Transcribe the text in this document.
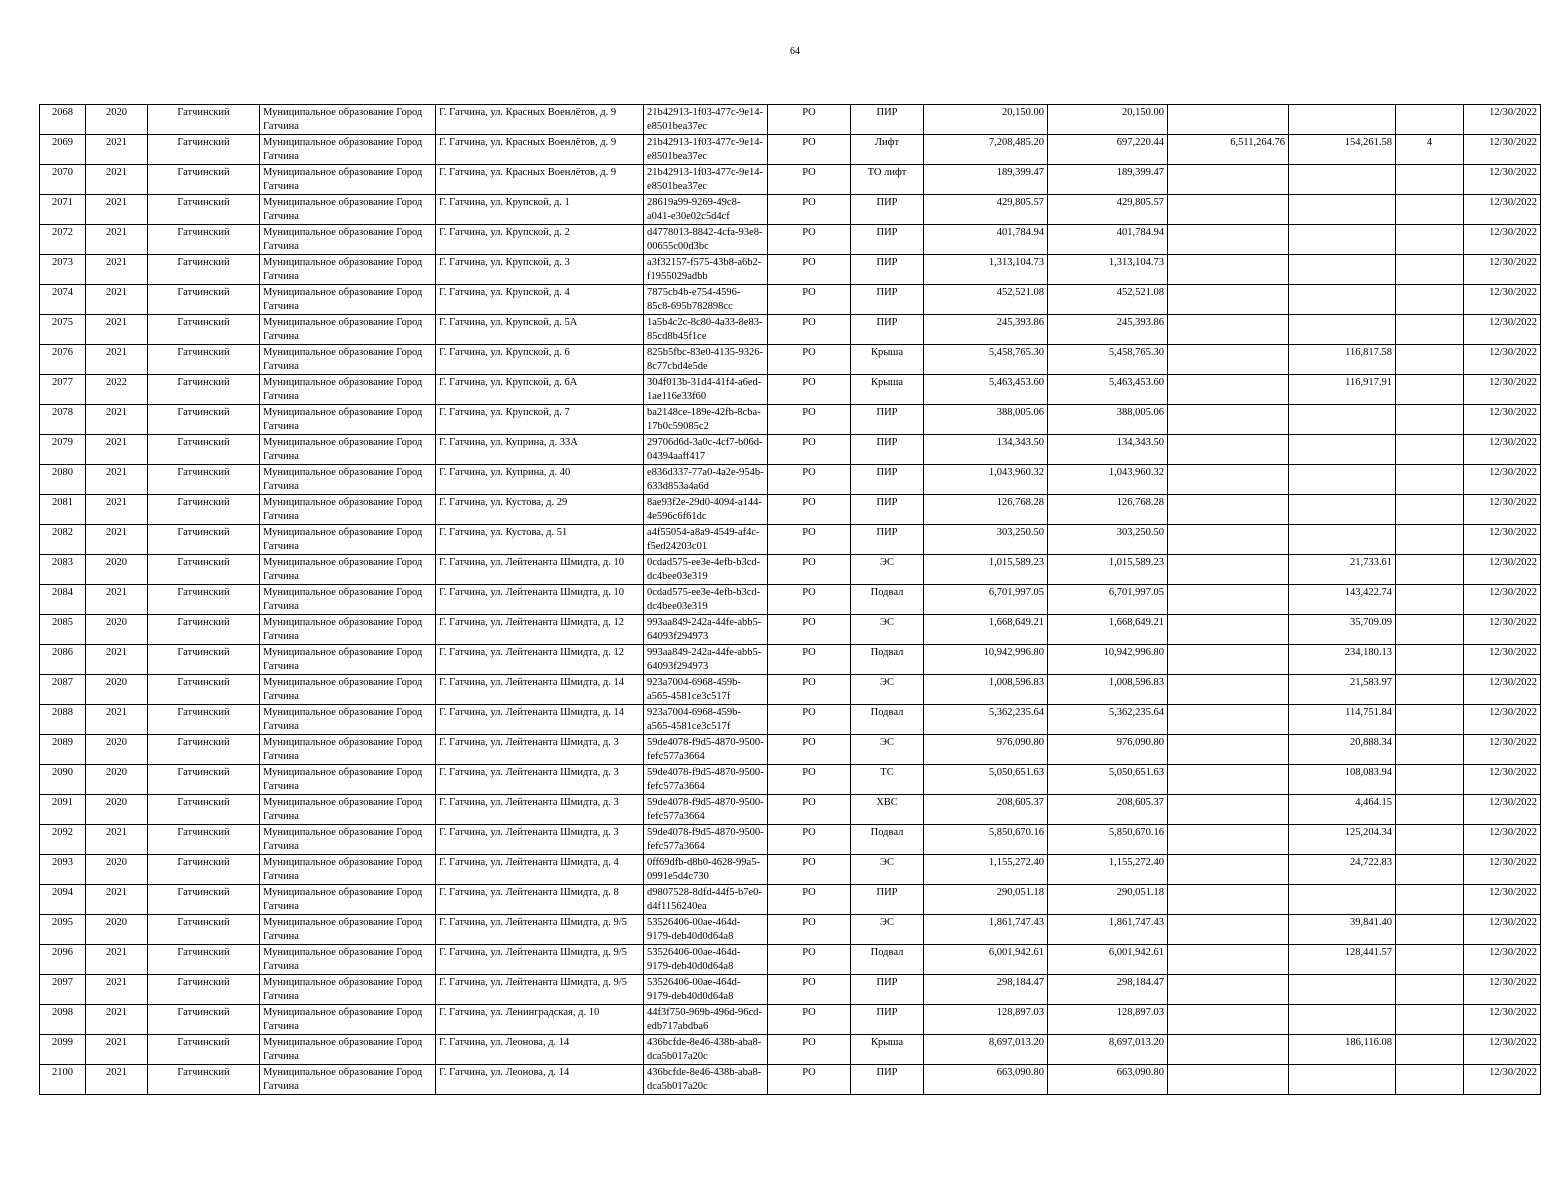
64
2068	2020	Гатчинский	Муниципальное образование Город Гатчина	Г. Гатчина, ул. Красных Военлётов, д. 9	21b42913-1f03-477c-9e14-e8501bea37ec	РО	ПИР	20,150.00	20,150.00				12/30/2022
2069	2021	Гатчинский	Муниципальное образование Город Гатчина	Г. Гатчина, ул. Красных Военлётов, д. 9	21b42913-1f03-477c-9e14-e8501bea37ec	РО	Лифт	7,208,485.20	697,220.44	6,511,264.76	154,261.58	4	12/30/2022
2070	2021	Гатчинский	Муниципальное образование Город Гатчина	Г. Гатчина, ул. Красных Военлётов, д. 9	21b42913-1f03-477c-9e14-e8501bea37ec	РО	ТО лифт	189,399.47	189,399.47				12/30/2022
2071	2021	Гатчинский	Муниципальное образование Город Гатчина	Г. Гатчина, ул. Крупской, д. 1	28619a99-9269-49c8-a041-e30e02c5d4cf	РО	ПИР	429,805.57	429,805.57				12/30/2022
2072	2021	Гатчинский	Муниципальное образование Город Гатчина	Г. Гатчина, ул. Крупской, д. 2	d4778013-8842-4cfa-93e8-00655c00d3bc	РО	ПИР	401,784.94	401,784.94				12/30/2022
2073	2021	Гатчинский	Муниципальное образование Город Гатчина	Г. Гатчина, ул. Крупской, д. 3	a3f32157-f575-43b8-a6b2-f1955029adbb	РО	ПИР	1,313,104.73	1,313,104.73				12/30/2022
2074	2021	Гатчинский	Муниципальное образование Город Гатчина	Г. Гатчина, ул. Крупской, д. 4	7875cb4b-e754-4596-85c8-695b782898cc	РО	ПИР	452,521.08	452,521.08				12/30/2022
2075	2021	Гатчинский	Муниципальное образование Город Гатчина	Г. Гатчина, ул. Крупской, д. 5А	1a5b4c2c-8c80-4a33-8e83-85cd8b45f1ce	РО	ПИР	245,393.86	245,393.86				12/30/2022
2076	2021	Гатчинский	Муниципальное образование Город Гатчина	Г. Гатчина, ул. Крупской, д. 6	825b5fbc-83e0-4135-9326-8c77cbd4e5de	РО	Крыша	5,458,765.30	5,458,765.30		116,817.58		12/30/2022
2077	2022	Гатчинский	Муниципальное образование Город Гатчина	Г. Гатчина, ул. Крупской, д. 6А	304f013b-31d4-41f4-a6ed-1ae116e33f60	РО	Крыша	5,463,453.60	5,463,453.60		116,917.91		12/30/2022
2078	2021	Гатчинский	Муниципальное образование Город Гатчина	Г. Гатчина, ул. Крупской, д. 7	ba2148ce-189e-42fb-8cba-17b0c59085c2	РО	ПИР	388,005.06	388,005.06				12/30/2022
2079	2021	Гатчинский	Муниципальное образование Город Гатчина	Г. Гатчина, ул. Куприна, д. 33А	29706d6d-3a0c-4cf7-b06d-04394aaff417	РО	ПИР	134,343.50	134,343.50				12/30/2022
2080	2021	Гатчинский	Муниципальное образование Город Гатчина	Г. Гатчина, ул. Куприна, д. 40	e836d337-77a0-4a2e-954b-633d853a4a6d	РО	ПИР	1,043,960.32	1,043,960.32				12/30/2022
2081	2021	Гатчинский	Муниципальное образование Город Гатчина	Г. Гатчина, ул. Кустова, д. 29	8ae93f2e-29d0-4094-a144-4e596c6f61dc	РО	ПИР	126,768.28	126,768.28				12/30/2022
2082	2021	Гатчинский	Муниципальное образование Город Гатчина	Г. Гатчина, ул. Кустова, д. 51	a4f55054-a8a9-4549-af4c-f5ed24203c01	РО	ПИР	303,250.50	303,250.50				12/30/2022
2083	2020	Гатчинский	Муниципальное образование Город Гатчина	Г. Гатчина, ул. Лейтенанта Шмидта, д. 10	0cdad575-ee3e-4efb-b3cd-dc4bee03e319	РО	ЭС	1,015,589.23	1,015,589.23		21,733.61		12/30/2022
2084	2021	Гатчинский	Муниципальное образование Город Гатчина	Г. Гатчина, ул. Лейтенанта Шмидта, д. 10	0cdad575-ee3e-4efb-b3cd-dc4bee03e319	РО	Подвал	6,701,997.05	6,701,997.05		143,422.74		12/30/2022
2085	2020	Гатчинский	Муниципальное образование Город Гатчина	Г. Гатчина, ул. Лейтенанта Шмидта, д. 12	993aa849-242a-44fe-abb5-64093f294973	РО	ЭС	1,668,649.21	1,668,649.21		35,709.09		12/30/2022
2086	2021	Гатчинский	Муниципальное образование Город Гатчина	Г. Гатчина, ул. Лейтенанта Шмидта, д. 12	993aa849-242a-44fe-abb5-64093f294973	РО	Подвал	10,942,996.80	10,942,996.80		234,180.13		12/30/2022
2087	2020	Гатчинский	Муниципальное образование Город Гатчина	Г. Гатчина, ул. Лейтенанта Шмидта, д. 14	923a7004-6968-459b-a565-4581ce3c517f	РО	ЭС	1,008,596.83	1,008,596.83		21,583.97		12/30/2022
2088	2021	Гатчинский	Муниципальное образование Город Гатчина	Г. Гатчина, ул. Лейтенанта Шмидта, д. 14	923a7004-6968-459b-a565-4581ce3c517f	РО	Подвал	5,362,235.64	5,362,235.64		114,751.84		12/30/2022
2089	2020	Гатчинский	Муниципальное образование Город Гатчина	Г. Гатчина, ул. Лейтенанта Шмидта, д. 3	59de4078-f9d5-4870-9500-fefc577a3664	РО	ЭС	976,090.80	976,090.80		20,888.34		12/30/2022
2090	2020	Гатчинский	Муниципальное образование Город Гатчина	Г. Гатчина, ул. Лейтенанта Шмидта, д. 3	59de4078-f9d5-4870-9500-fefc577a3664	РО	ТС	5,050,651.63	5,050,651.63		108,083.94		12/30/2022
2091	2020	Гатчинский	Муниципальное образование Город Гатчина	Г. Гатчина, ул. Лейтенанта Шмидта, д. 3	59de4078-f9d5-4870-9500-fefc577a3664	РО	ХВС	208,605.37	208,605.37		4,464.15		12/30/2022
2092	2021	Гатчинский	Муниципальное образование Город Гатчина	Г. Гатчина, ул. Лейтенанта Шмидта, д. 3	59de4078-f9d5-4870-9500-fefc577a3664	РО	Подвал	5,850,670.16	5,850,670.16		125,204.34		12/30/2022
2093	2020	Гатчинский	Муниципальное образование Город Гатчина	Г. Гатчина, ул. Лейтенанта Шмидта, д. 4	0ff69dfb-d8b0-4628-99a5-0991e5d4c730	РО	ЭС	1,155,272.40	1,155,272.40		24,722.83		12/30/2022
2094	2021	Гатчинский	Муниципальное образование Город Гатчина	Г. Гатчина, ул. Лейтенанта Шмидта, д. 8	d9807528-8dfd-44f5-b7e0-d4f1156240ea	РО	ПИР	290,051.18	290,051.18				12/30/2022
2095	2020	Гатчинский	Муниципальное образование Город Гатчина	Г. Гатчина, ул. Лейтенанта Шмидта, д. 9/5	53526406-00ae-464d-9179-deb40d0d64a8	РО	ЭС	1,861,747.43	1,861,747.43		39,841.40		12/30/2022
2096	2021	Гатчинский	Муниципальное образование Город Гатчина	Г. Гатчина, ул. Лейтенанта Шмидта, д. 9/5	53526406-00ae-464d-9179-deb40d0d64a8	РО	Подвал	6,001,942.61	6,001,942.61		128,441.57		12/30/2022
2097	2021	Гатчинский	Муниципальное образование Город Гатчина	Г. Гатчина, ул. Лейтенанта Шмидта, д. 9/5	53526406-00ae-464d-9179-deb40d0d64a8	РО	ПИР	298,184.47	298,184.47				12/30/2022
2098	2021	Гатчинский	Муниципальное образование Город Гатчина	Г. Гатчина, ул. Ленинградская, д. 10	44f3f750-969b-496d-96cd-edb717abdba6	РО	ПИР	128,897.03	128,897.03				12/30/2022
2099	2021	Гатчинский	Муниципальное образование Город Гатчина	Г. Гатчина, ул. Леонова, д. 14	436bcfde-8e46-438b-aba8-dca5b017a20c	РО	Крыша	8,697,013.20	8,697,013.20		186,116.08		12/30/2022
2100	2021	Гатчинский	Муниципальное образование Город Гатчина	Г. Гатчина, ул. Леонова, д. 14	436bcfde-8e46-438b-aba8-dca5b017a20c	РО	ПИР	663,090.80	663,090.80				12/30/2022
